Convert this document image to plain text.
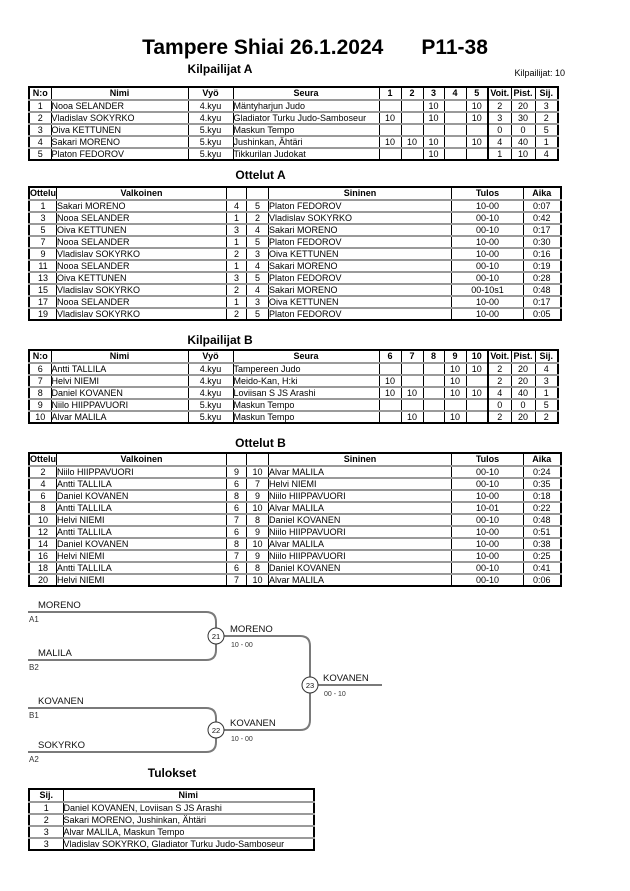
Tampere Shiai 26.1.2024 P11-38
Kilpailijat A	Kilpailijat: 10
N:o	Nimi	Vyö	Seura	1	2	3	4	5	Voit.	Pist.	Sij.
1	Nooa SELANDER	4.kyu	Mäntyharjun Judo			10		10	2	20	3
2	Vladislav SOKYRKO	4.kyu	Gladiator Turku Judo-Samboseur	10		10		10	3	30	2
3	Oiva KETTUNEN	5.kyu	Maskun Tempo						0	0	5
4	Sakari MORENO	5.kyu	Jushinkan, Ähtäri	10	10	10		10	4	40	1
5	Platon FEDOROV	5.kyu	Tikkurilan Judokat			10			1	10	4
Ottelut A
Ottelu	Valkoinen			Sininen	Tulos	Aika
1	Sakari MORENO	4	5	Platon FEDOROV	10-00	0:07
3	Nooa SELANDER	1	2	Vladislav SOKYRKO	00-10	0:42
5	Oiva KETTUNEN	3	4	Sakari MORENO	00-10	0:17
7	Nooa SELANDER	1	5	Platon FEDOROV	10-00	0:30
9	Vladislav SOKYRKO	2	3	Oiva KETTUNEN	10-00	0:16
11	Nooa SELANDER	1	4	Sakari MORENO	00-10	0:19
13	Oiva KETTUNEN	3	5	Platon FEDOROV	00-10	0:28
15	Vladislav SOKYRKO	2	4	Sakari MORENO	00-10s1	0:48
17	Nooa SELANDER	1	3	Oiva KETTUNEN	10-00	0:17
19	Vladislav SOKYRKO	2	5	Platon FEDOROV	10-00	0:05
Kilpailijat B
N:o	Nimi	Vyö	Seura	6	7	8	9	10	Voit.	Pist.	Sij.
6	Antti TALLILA	4.kyu	Tampereen Judo				10	10	2	20	4
7	Helvi NIEMI	4.kyu	Meido-Kan, H:ki	10			10		2	20	3
8	Daniel KOVANEN	4.kyu	Loviisan S JS Arashi	10	10		10	10	4	40	1
9	Niilo HIIPPAVUORI	5.kyu	Maskun Tempo						0	0	5
10	Alvar MALILA	5.kyu	Maskun Tempo		10		10		2	20	2
Ottelut B
Ottelu	Valkoinen			Sininen	Tulos	Aika
2	Niilo HIIPPAVUORI	9	10	Alvar MALILA	00-10	0:24
4	Antti TALLILA	6	7	Helvi NIEMI	00-10	0:35
6	Daniel KOVANEN	8	9	Niilo HIIPPAVUORI	10-00	0:18
8	Antti TALLILA	6	10	Alvar MALILA	10-01	0:22
10	Helvi NIEMI	7	8	Daniel KOVANEN	00-10	0:48
12	Antti TALLILA	6	9	Niilo HIIPPAVUORI	10-00	0:51
14	Daniel KOVANEN	8	10	Alvar MALILA	10-00	0:38
16	Helvi NIEMI	7	9	Niilo HIIPPAVUORI	10-00	0:25
18	Antti TALLILA	6	8	Daniel KOVANEN	00-10	0:41
20	Helvi NIEMI	7	10	Alvar MALILA	00-10	0:06
MORENO
A1
MALILA
B2
21
MORENO
10 - 00
KOVANEN
B1
SOKYRKO
A2
22
KOVANEN
10 - 00
23
KOVANEN
00 - 10
Tulokset
Sij.	Nimi
1	Daniel KOVANEN, Loviisan S JS Arashi
2	Sakari MORENO, Jushinkan, Ähtäri
3	Alvar MALILA, Maskun Tempo
3	Vladislav SOKYRKO, Gladiator Turku Judo-Samboseur
